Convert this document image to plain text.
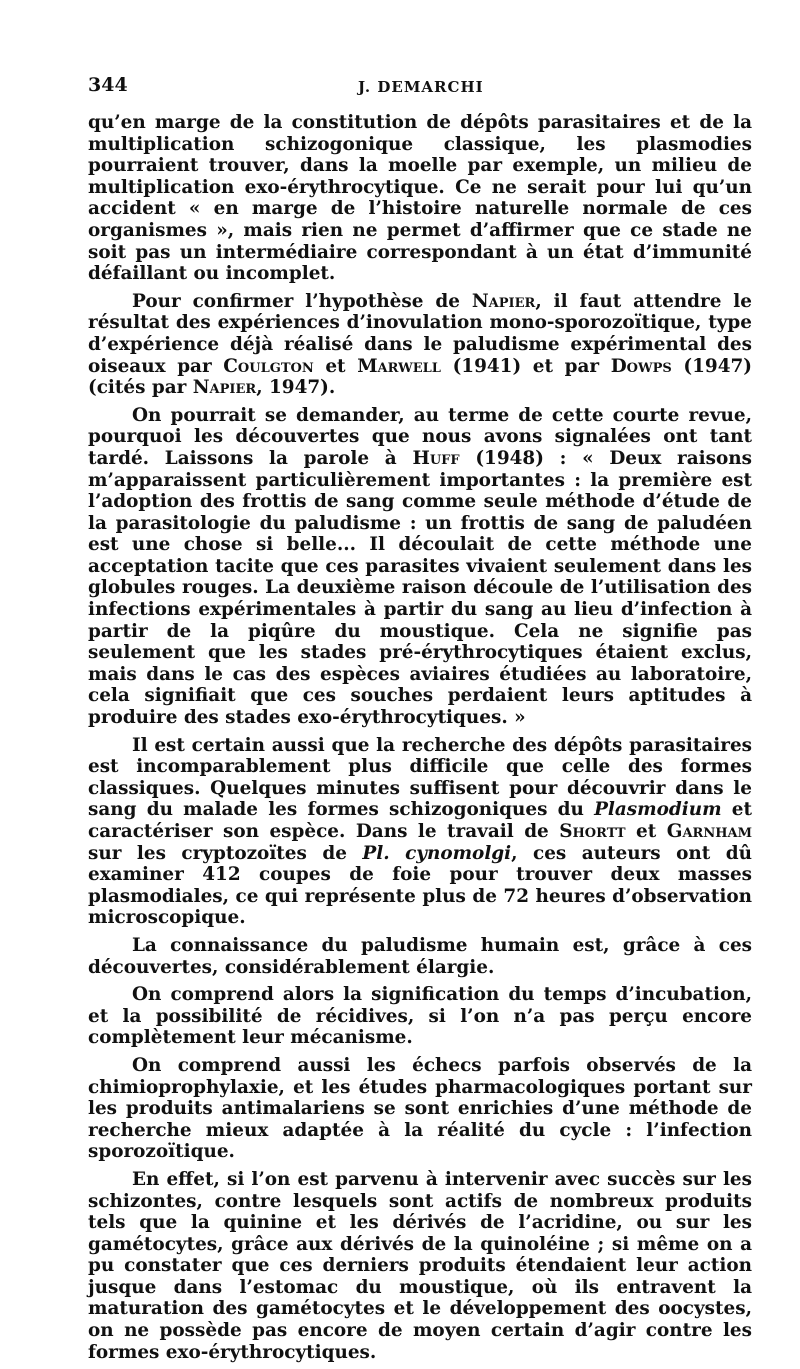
344	J. DEMARCHI

qu’en marge de la constitution de dépôts parasitaires et de la multiplication schizogonique classique, les plasmodies pourraient trouver, dans la moelle par exemple, un milieu de multiplication exo-érythrocytique. Ce ne serait pour lui qu’un accident « en marge de l’histoire naturelle normale de ces organismes », mais rien ne permet d’affirmer que ce stade ne soit pas un intermédiaire correspondant à un état d’immunité défaillant ou incomplet.

Pour confirmer l’hypothèse de Napier, il faut attendre le résultat des expériences d’inovulation mono-sporozoïtique, type d’expérience déjà réalisé dans le paludisme expérimental des oiseaux par Coulgton et Marwell (1941) et par Dowps (1947) (cités par Napier, 1947).

On pourrait se demander, au terme de cette courte revue, pourquoi les découvertes que nous avons signalées ont tant tardé. Laissons la parole à Huff (1948) : « Deux raisons m’apparaissent particulièrement importantes : la première est l’adoption des frottis de sang comme seule méthode d’étude de la parasitologie du paludisme : un frottis de sang de paludéen est une chose si belle... Il découlait de cette méthode une acceptation tacite que ces parasites vivaient seulement dans les globules rouges. La deuxième raison découle de l’utilisation des infections expérimentales à partir du sang au lieu d’infection à partir de la piqûre du moustique. Cela ne signifie pas seulement que les stades pré-érythrocytiques étaient exclus, mais dans le cas des espèces aviaires étudiées au laboratoire, cela signifiait que ces souches perdaient leurs aptitudes à produire des stades exo-érythrocytiques. »

Il est certain aussi que la recherche des dépôts parasitaires est incomparablement plus difficile que celle des formes classiques. Quelques minutes suffisent pour découvrir dans le sang du malade les formes schizogoniques du Plasmodium et caractériser son espèce. Dans le travail de Shortt et Garnham sur les cryptozoïtes de Pl. cynomolgi, ces auteurs ont dû examiner 412 coupes de foie pour trouver deux masses plasmodiales, ce qui représente plus de 72 heures d’observation microscopique.

La connaissance du paludisme humain est, grâce à ces découvertes, considérablement élargie.

On comprend alors la signification du temps d’incubation, et la possibilité de récidives, si l’on n’a pas perçu encore complètement leur mécanisme.

On comprend aussi les échecs parfois observés de la chimioprophylaxie, et les études pharmacologiques portant sur les produits antimalariens se sont enrichies d’une méthode de recherche mieux adaptée à la réalité du cycle : l’infection sporozoïtique.

En effet, si l’on est parvenu à intervenir avec succès sur les schizontes, contre lesquels sont actifs de nombreux produits tels que la quinine et les dérivés de l’acridine, ou sur les gamétocytes, grâce aux dérivés de la quinoléine ; si même on a pu constater que ces derniers produits étendaient leur action jusque dans l’estomac du moustique, où ils entravent la maturation des gamétocytes et le développement des oocystes, on ne possède pas encore de moyen certain d’agir contre les formes exo-érythrocytiques.
